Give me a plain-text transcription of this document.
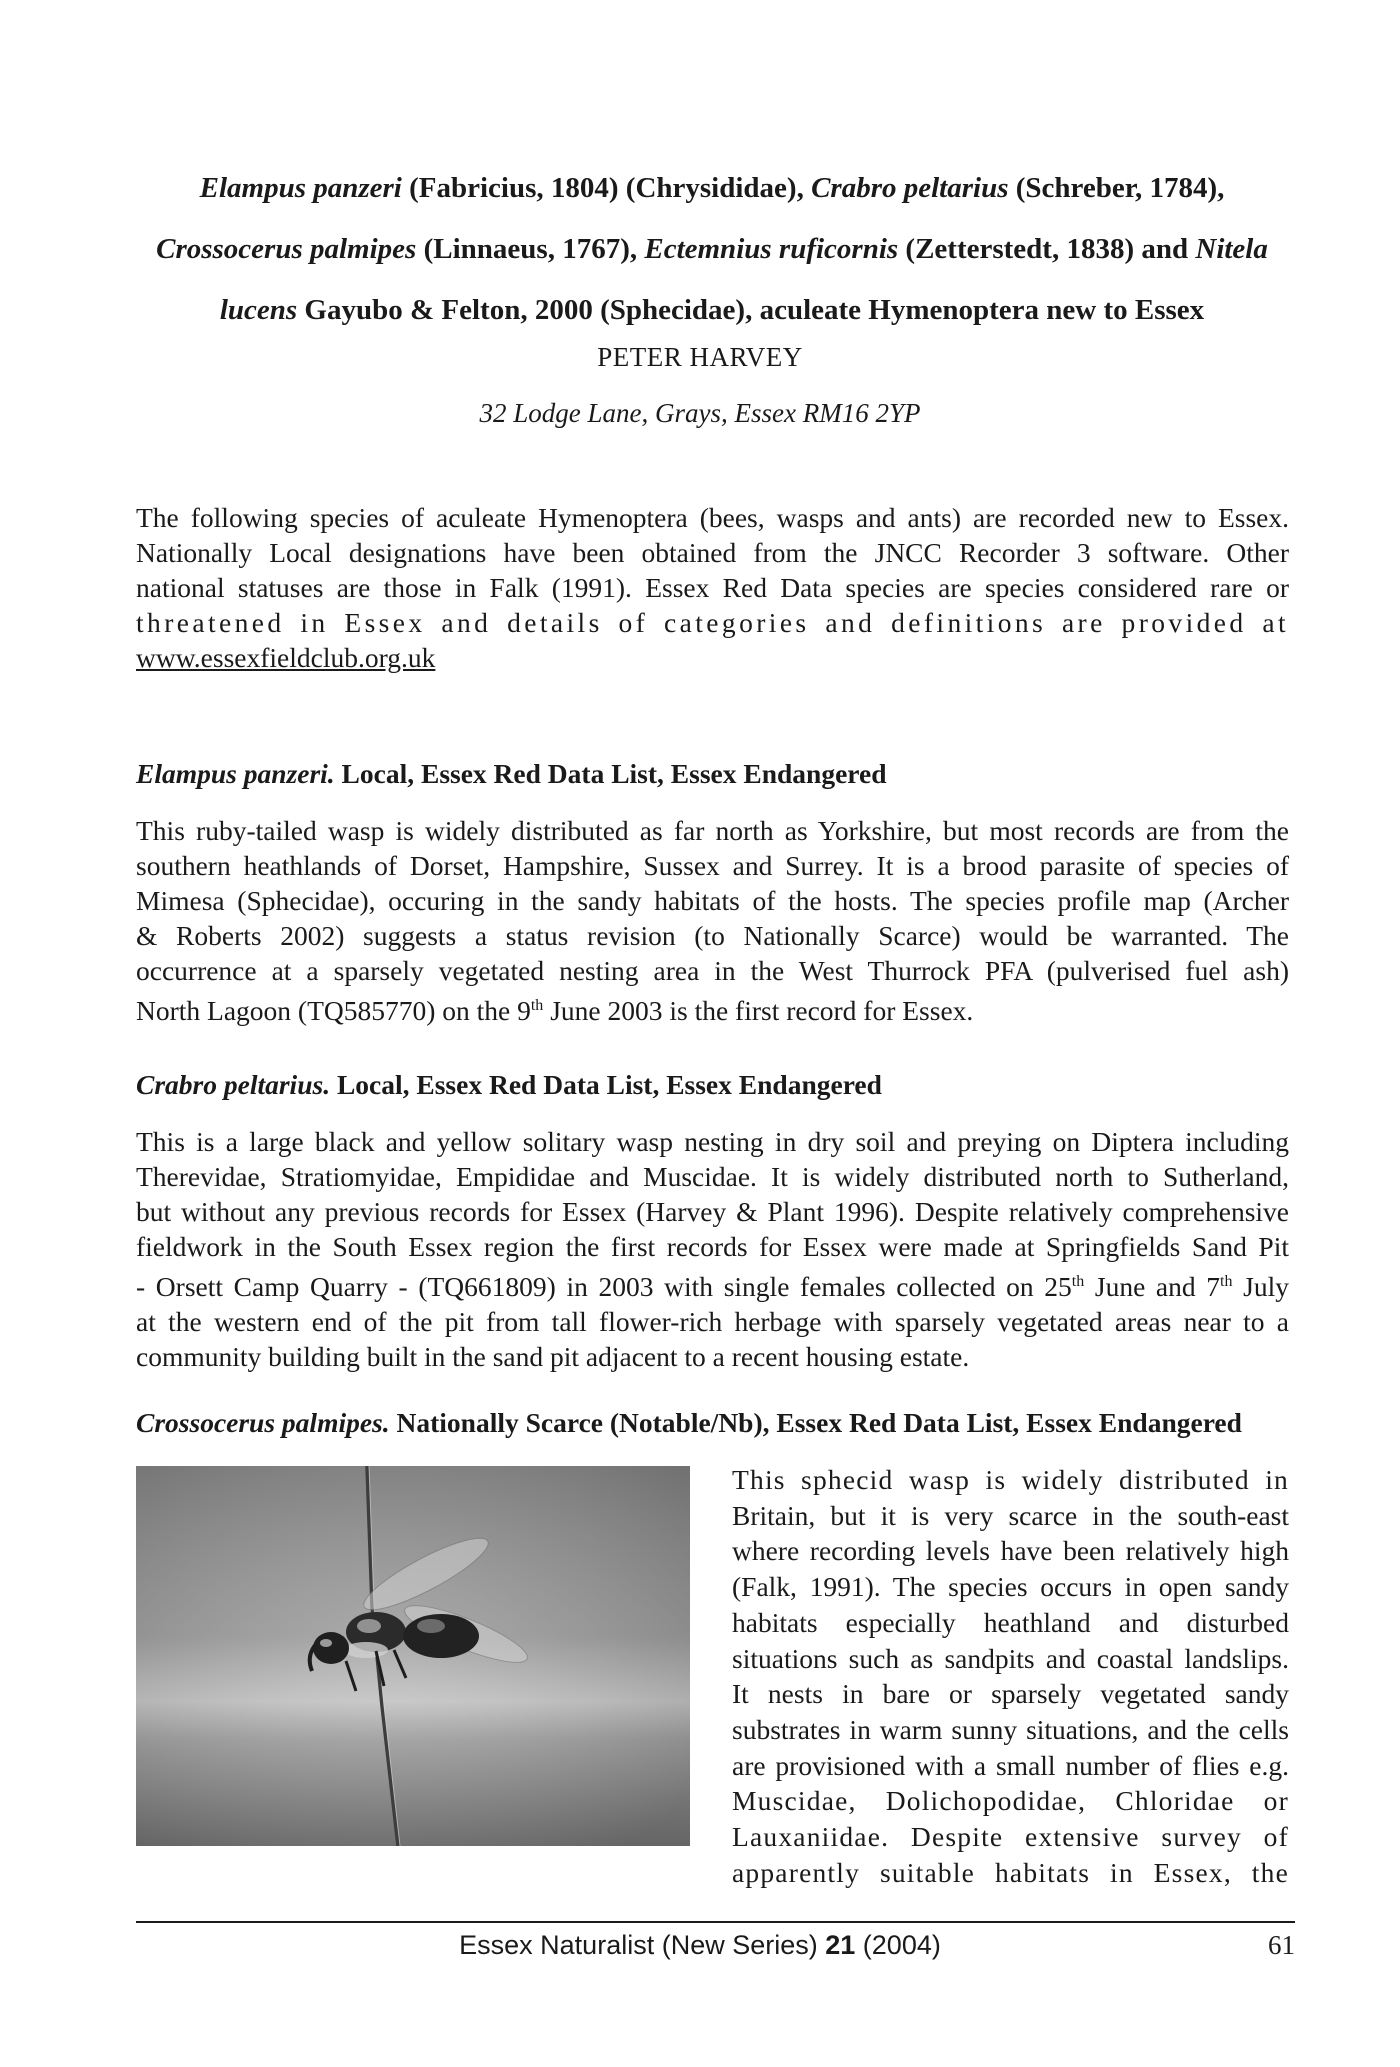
Elampus panzeri (Fabricius, 1804) (Chrysididae), Crabro peltarius (Schreber, 1784),
Crossocerus palmipes (Linnaeus, 1767), Ectemnius ruficornis (Zetterstedt, 1838) and Nitela
lucens Gayubo & Felton, 2000 (Sphecidae), aculeate Hymenoptera new to Essex
PETER HARVEY
32 Lodge Lane, Grays, Essex RM16 2YP
The following species of aculeate Hymenoptera (bees, wasps and ants) are recorded new to Essex.
Nationally Local designations have been obtained from the JNCC Recorder 3 software. Other
national statuses are those in Falk (1991). Essex Red Data species are species considered rare or
threatened in Essex and details of categories and definitions are provided at
www.essexfieldclub.org.uk
Elampus panzeri. Local, Essex Red Data List, Essex Endangered
This ruby-tailed wasp is widely distributed as far north as Yorkshire, but most records are from the
southern heathlands of Dorset, Hampshire, Sussex and Surrey. It is a brood parasite of species of
Mimesa (Sphecidae), occuring in the sandy habitats of the hosts. The species profile map (Archer
& Roberts 2002) suggests a status revision (to Nationally Scarce) would be warranted. The
occurrence at a sparsely vegetated nesting area in the West Thurrock PFA (pulverised fuel ash)
North Lagoon (TQ585770) on the 9th June 2003 is the first record for Essex.
Crabro peltarius. Local, Essex Red Data List, Essex Endangered
This is a large black and yellow solitary wasp nesting in dry soil and preying on Diptera including
Therevidae, Stratiomyidae, Empididae and Muscidae. It is widely distributed north to Sutherland,
but without any previous records for Essex (Harvey & Plant 1996). Despite relatively comprehensive
fieldwork in the South Essex region the first records for Essex were made at Springfields Sand Pit
- Orsett Camp Quarry - (TQ661809) in 2003 with single females collected on 25th June and 7th July
at the western end of the pit from tall flower-rich herbage with sparsely vegetated areas near to a
community building built in the sand pit adjacent to a recent housing estate.
Crossocerus palmipes. Nationally Scarce (Notable/Nb), Essex Red Data List, Essex Endangered
This sphecid wasp is widely distributed in
Britain, but it is very scarce in the south-east
where recording levels have been relatively high
(Falk, 1991). The species occurs in open sandy
habitats especially heathland and disturbed
situations such as sandpits and coastal landslips.
It nests in bare or sparsely vegetated sandy
substrates in warm sunny situations, and the cells
are provisioned with a small number of flies e.g.
Muscidae, Dolichopodidae, Chloridae or
Lauxaniidae. Despite extensive survey of
apparently suitable habitats in Essex, the
Essex Naturalist (New Series) 21 (2004)	61
